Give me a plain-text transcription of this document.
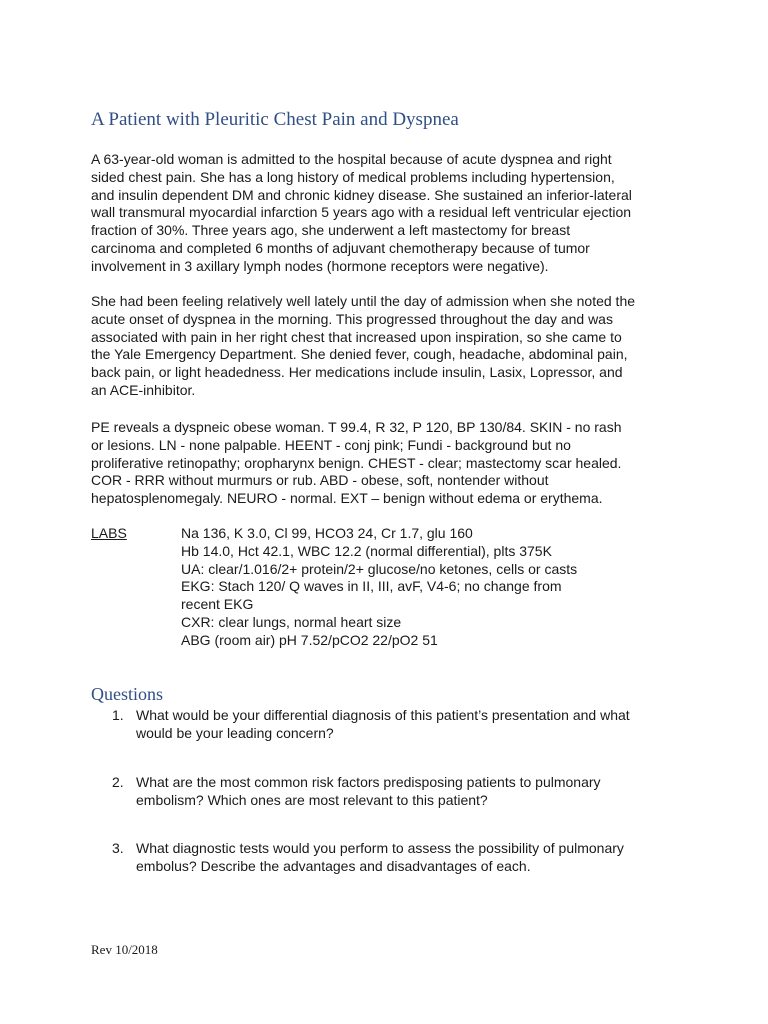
A Patient with Pleuritic Chest Pain and Dyspnea
A 63-year-old woman is admitted to the hospital because of acute dyspnea and right
sided chest pain. She has a long history of medical problems including hypertension,
and insulin dependent DM and chronic kidney disease. She sustained an inferior-lateral
wall transmural myocardial infarction 5 years ago with a residual left ventricular ejection
fraction of 30%. Three years ago, she underwent a left mastectomy for breast
carcinoma and completed 6 months of adjuvant chemotherapy because of tumor
involvement in 3 axillary lymph nodes (hormone receptors were negative).
She had been feeling relatively well lately until the day of admission when she noted the
acute onset of dyspnea in the morning. This progressed throughout the day and was
associated with pain in her right chest that increased upon inspiration, so she came to
the Yale Emergency Department. She denied fever, cough, headache, abdominal pain,
back pain, or light headedness. Her medications include insulin, Lasix, Lopressor, and
an ACE-inhibitor.
PE reveals a dyspneic obese woman. T 99.4, R 32, P 120, BP 130/84. SKIN - no rash
or lesions. LN - none palpable. HEENT - conj pink; Fundi - background but no
proliferative retinopathy; oropharynx benign. CHEST - clear; mastectomy scar healed.
COR - RRR without murmurs or rub. ABD - obese, soft, nontender without
hepatosplenomegaly. NEURO - normal. EXT – benign without edema or erythema.
LABS	Na 136, K 3.0, Cl 99, HCO3 24, Cr 1.7, glu 160
Hb 14.0, Hct 42.1, WBC 12.2 (normal differential), plts 375K
UA: clear/1.016/2+ protein/2+ glucose/no ketones, cells or casts
EKG: Stach 120/ Q waves in II, III, avF, V4-6; no change from
recent EKG
CXR: clear lungs, normal heart size
ABG (room air) pH 7.52/pCO2 22/pO2 51
Questions
1. What would be your differential diagnosis of this patient’s presentation and what
would be your leading concern?
2. What are the most common risk factors predisposing patients to pulmonary
embolism? Which ones are most relevant to this patient?
3. What diagnostic tests would you perform to assess the possibility of pulmonary
embolus? Describe the advantages and disadvantages of each.
Rev 10/2018
